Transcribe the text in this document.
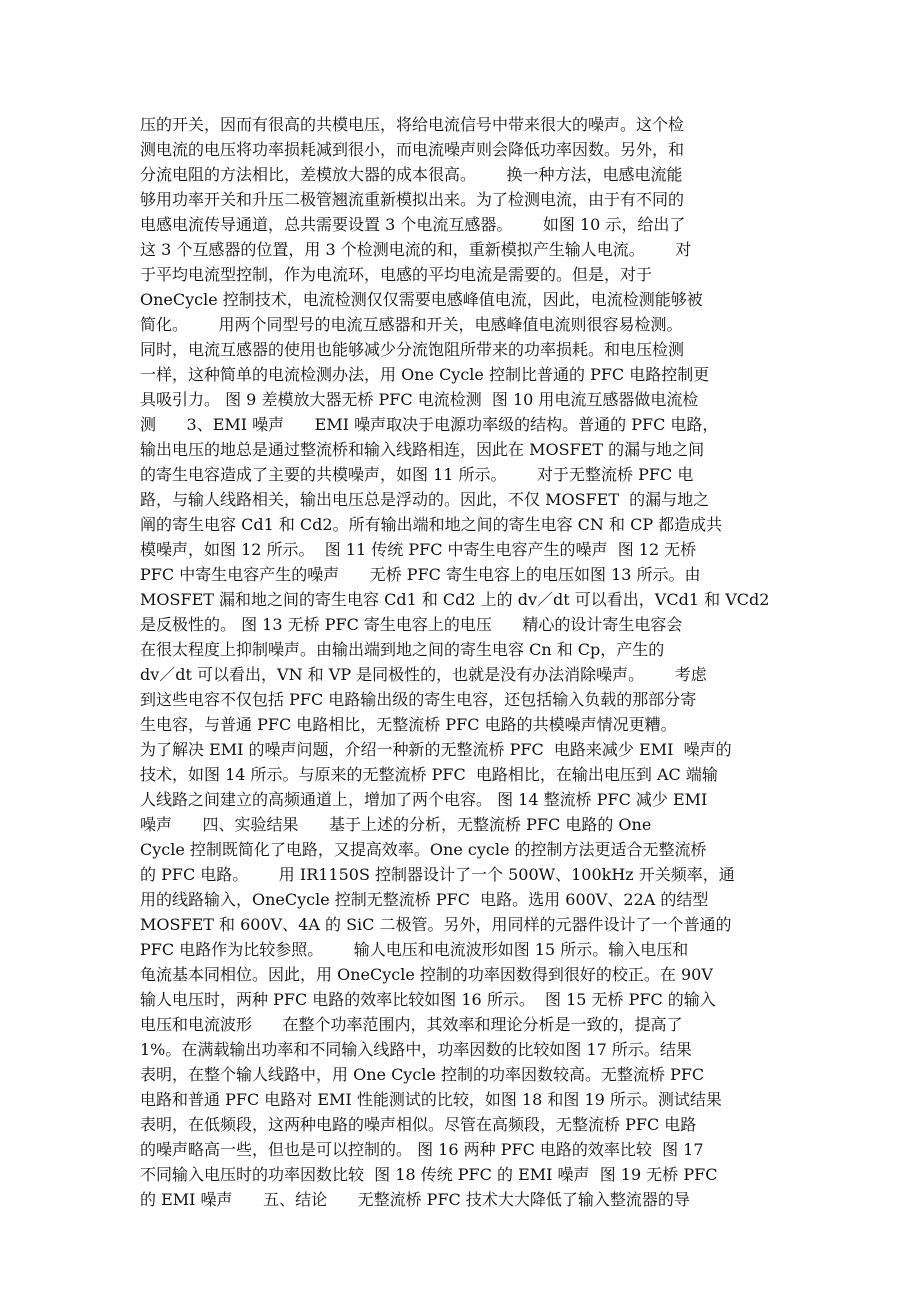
压的开关，因而有很高的共模电压，将给电流信号中带来很大的噪声。这个检
测电流的电压将功率损耗减到很小，而电流噪声则会降低功率因数。另外，和
分流电阻的方法相比，差模放大器的成本很高。      换一种方法，电感电流能
够用功率开关和升压二极管翘流重新模拟出来。为了检测电流，由于有不同的
电感电流传导通道，总共需要设置 3 个电流互感器。      如图 10 示，给出了
这 3 个互感器的位置，用 3 个检测电流的和，重新模拟产生输人电流。      对
于平均电流型控制，作为电流环，电感的平均电流是需要的。但是，对于
OneCycle 控制技术，电流检测仅仅需要电感峰值电流，因此，电流检测能够被
简化。      用两个同型号的电流互感器和开关，电感峰值电流则很容易检测。
同时，电流互感器的使用也能够减少分流饱阻所带来的功率损耗。和电压检测
一样，这种简单的电流检测办法，用 One Cycle 控制比普通的 PFC 电路控制更
具吸引力。 图 9 差模放大器无桥 PFC 电流检测  图 10 用电流互感器做电流检
测      3、EMI 噪声      EMI 噪声取决于电源功率级的结构。普通的 PFC 电路，
输出电压的地总是通过整流桥和输入线路相连，因此在 MOSFET 的漏与地之间
的寄生电容造成了主要的共模噪声，如图 11 所示。      对于无整流桥 PFC 电
路，与输人线路相关，输出电压总是浮动的。因此，不仅 MOSFET  的漏与地之
阐的寄生电容 Cd1 和 Cd2。所有输出端和地之间的寄生电容 CN 和 CP 都造成共
模噪声，如图 12 所示。  图 11 传统 PFC 中寄生电容产生的噪声  图 12 无桥
PFC 中寄生电容产生的噪声      无桥 PFC 寄生电容上的电压如图 13 所示。由
MOSFET 漏和地之间的寄生电容 Cd1 和 Cd2 上的 dv／dt 可以看出，VCd1 和 VCd2
是反极性的。 图 13 无桥 PFC 寄生电容上的电压      精心的设计寄生电容会
在很太程度上抑制噪声。由输出端到地之间的寄生电容 Cn 和 Cp，产生的
dv／dt 可以看出，VN 和 VP 是同极性的，也就是没有办法消除噪声。      考虑
到这些电容不仅包括 PFC 电路输出级的寄生电容，还包括输入负载的那部分寄
生电容，与普通 PFC 电路相比，无整流桥 PFC 电路的共模噪声情况更糟。
为了解决 EMI 的噪声问题，介绍一种新的无整流桥 PFC  电路来减少 EMI  噪声的
技术，如图 14 所示。与原来的无整流桥 PFC  电路相比，在输出电压到 AC 端输
人线路之间建立的高频通道上，增加了两个电容。 图 14 整流桥 PFC 减少 EMI
噪声      四、实验结果      基于上述的分析，无整流桥 PFC 电路的 One
Cycle 控制既简化了电路，又提高效率。One cycle 的控制方法更适合无整流桥
的 PFC 电路。      用 IR1150S 控制器设计了一个 500W、100kHz 开关频率，通
用的线路输入，OneCycle 控制无整流桥 PFC  电路。选用 600V、22A 的结型
MOSFET 和 600V、4A 的 SiC 二极管。另外，用同样的元器件设计了一个普通的
PFC 电路作为比较参照。      输人电压和电流波形如图 15 所示。输入电压和
龟流基本同相位。因此，用 OneCycle 控制的功率因数得到很好的校正。在 90V
输人电压时，两种 PFC 电路的效率比较如图 16 所示。  图 15 无桥 PFC 的输入
电压和电流波形      在整个功率范围内，其效率和理论分析是一致的，提高了
1%。在满载输出功率和不同输入线路中，功率因数的比较如图 17 所示。结果
表明，在整个输人线路中，用 One Cycle 控制的功率因数较高。无整流桥 PFC
电路和普通 PFC 电路对 EMI 性能测试的比较，如图 18 和图 19 所示。测试结果
表明，在低频段，这两种电路的噪声相似。尽管在高频段，无整流桥 PFC 电路
的噪声略高一些，但也是可以控制的。 图 16 两种 PFC 电路的效率比较  图 17
不同输入电压时的功率因数比较  图 18 传统 PFC 的 EMI 噪声  图 19 无桥 PFC
的 EMI 噪声      五、结论      无整流桥 PFC 技术大大降低了输入整流器的导
